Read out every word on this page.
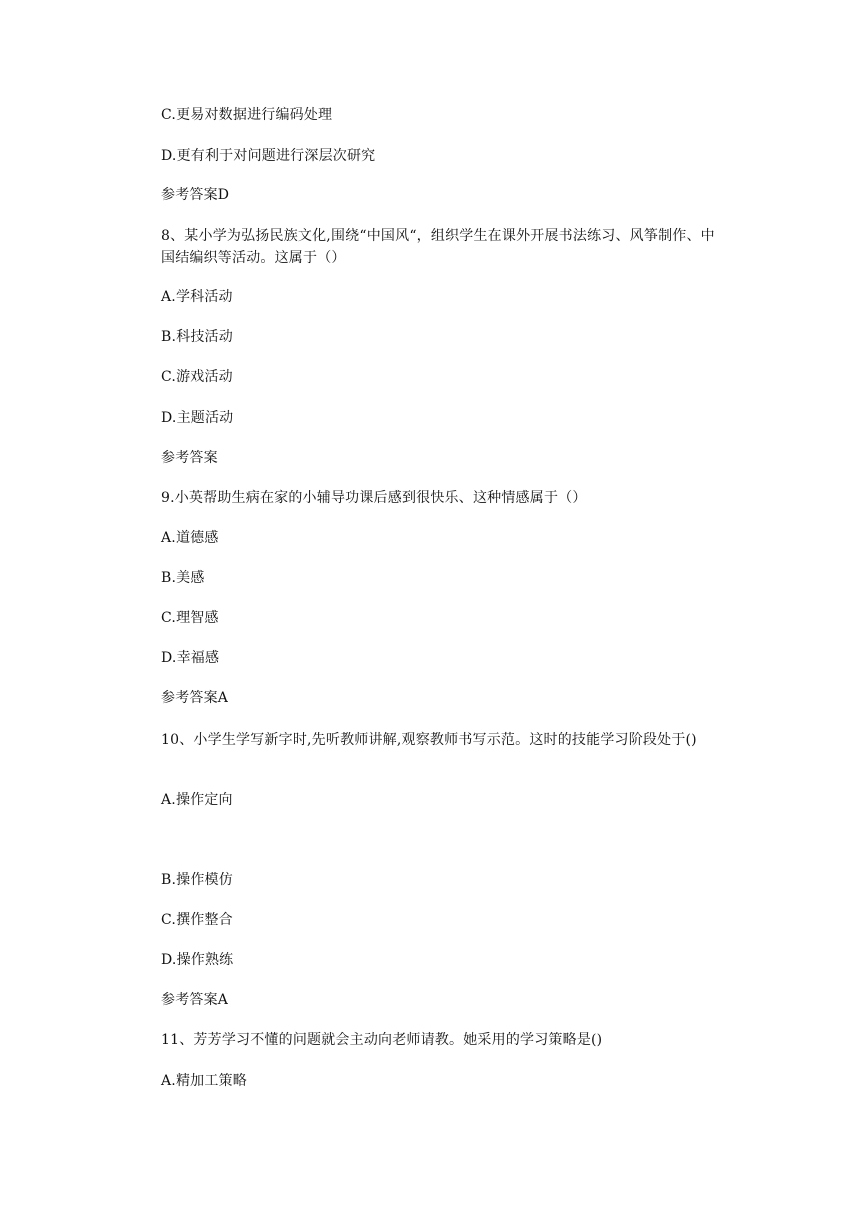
C.更易对数据进行编码处理
D.更有利于对问题进行深层次研究
参考答案D
8、某小学为弘扬民族文化,围绕“中国风“，组织学生在课外开展书法练习、风筝制作、中国结编织等活动。这属于（）
A.学科活动
B.科技活动
C.游戏活动
D.主题活动
参考答案
9.小英帮助生病在家的小辅导功课后感到很快乐、这种情感属于（）
A.道德感
B.美感
C.理智感
D.幸福感
参考答案A
10、小学生学写新字时,先听教师讲解,观察教师书写示范。这时的技能学习阶段处于()
A.操作定向
B.操作模仿
C.撰作整合
D.操作熟练
参考答案A
11、芳芳学习不懂的问题就会主动向老师请教。她采用的学习策略是()
A.精加工策略
